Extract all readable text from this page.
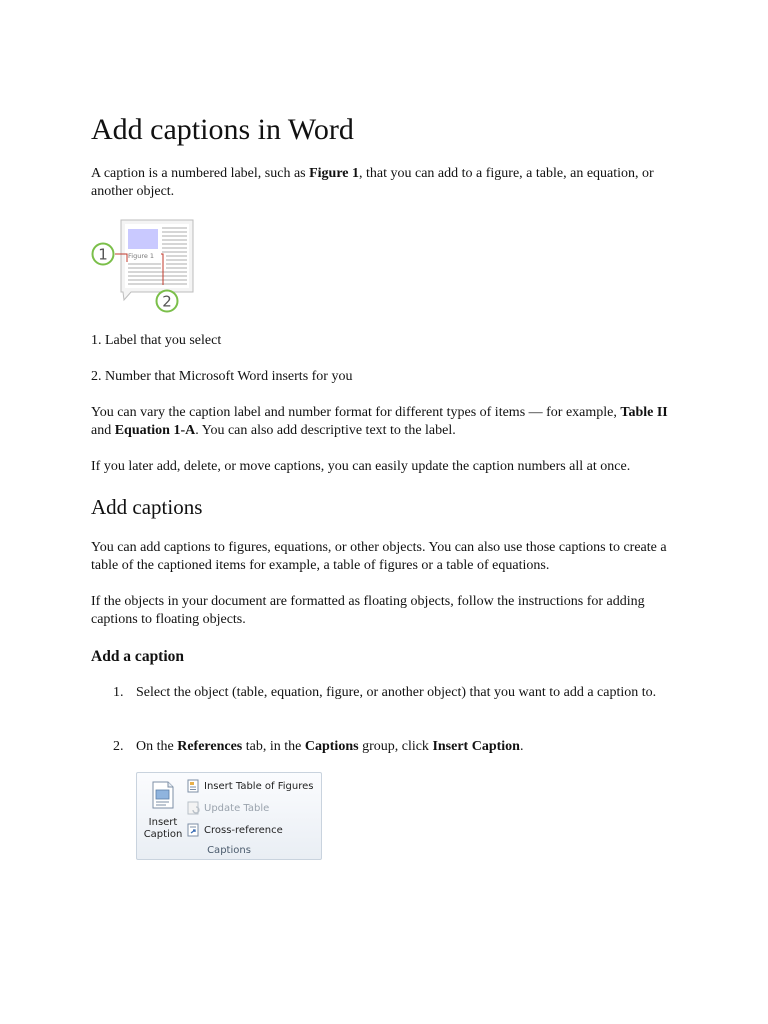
Add captions in Word

A caption is a numbered label, such as Figure 1, that you can add to a figure, a table, an equation, or another object.

Figure 1
1
2

1. Label that you select

2. Number that Microsoft Word inserts for you

You can vary the caption label and number format for different types of items — for example, Table II and Equation 1-A. You can also add descriptive text to the label.

If you later add, delete, or move captions, you can easily update the caption numbers all at once.

Add captions

You can add captions to figures, equations, or other objects. You can also use those captions to create a table of the captioned items for example, a table of figures or a table of equations.

If the objects in your document are formatted as floating objects, follow the instructions for adding captions to floating objects.

Add a caption
1. Select the object (table, equation, figure, or another object) that you want to add a caption to.
2. On the References tab, in the Captions group, click Insert Caption.
Insert
Caption
Insert Table of Figures
Update Table
Cross-reference
Captions
